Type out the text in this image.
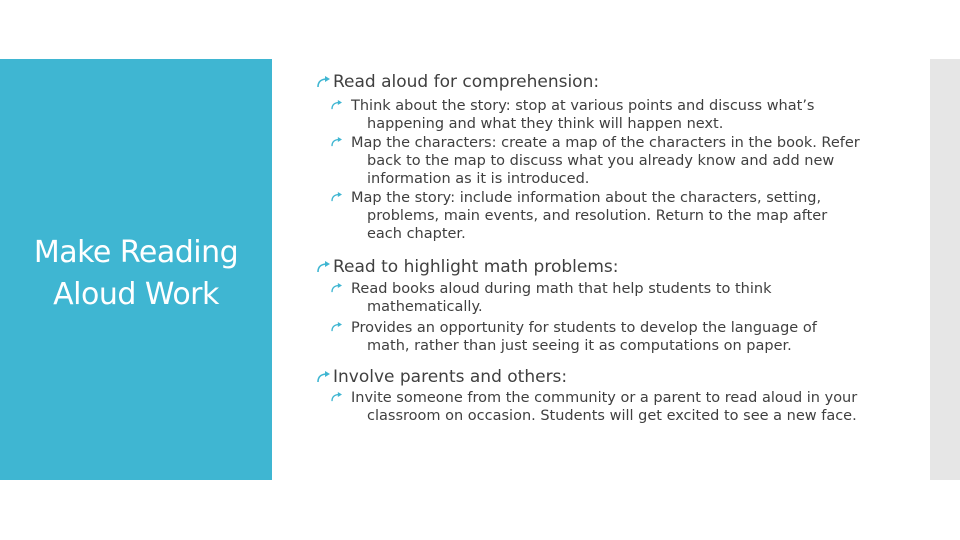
Make Reading
Aloud Work
Read aloud for comprehension:
Think about the story: stop at various points and discuss what’s happening and what they think will happen next.
Map the characters: create a map of the characters in the book. Refer back to the map to discuss what you already know and add new information as it is introduced.
Map the story: include information about the characters, setting, problems, main events, and resolution. Return to the map after each chapter.
Read to highlight math problems:
Read books aloud during math that help students to think mathematically.
Provides an opportunity for students to develop the language of math, rather than just seeing it as computations on paper.
Involve parents and others:
Invite someone from the community or a parent to read aloud in your classroom on occasion. Students will get excited to see a new face.
